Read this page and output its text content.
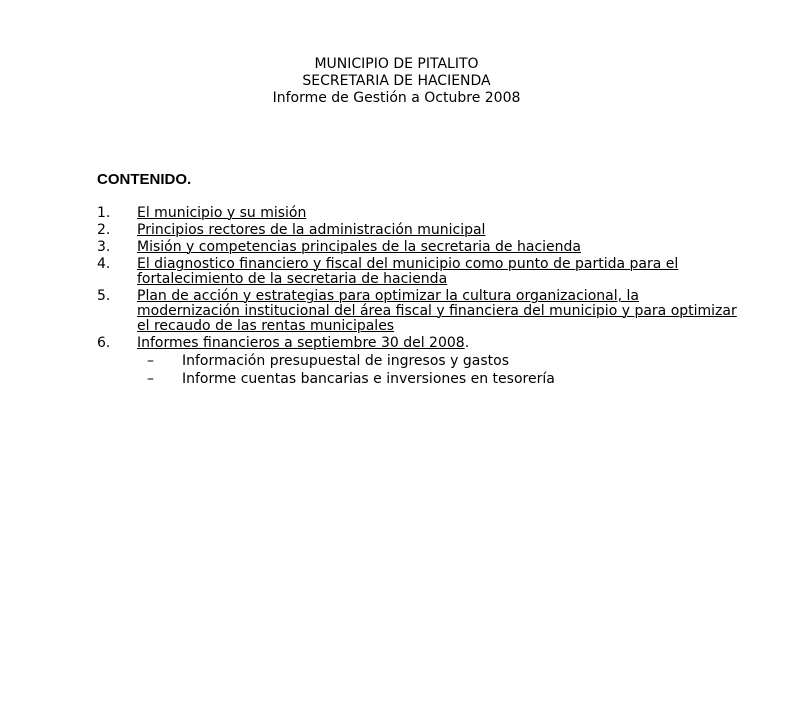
MUNICIPIO DE PITALITO
SECRETARIA DE HACIENDA
Informe de Gestión a Octubre 2008
CONTENIDO.
1. El municipio y su misión
2. Principios rectores de la administración municipal
3. Misión y competencias principales de la secretaria de hacienda
4. El diagnostico financiero y fiscal del municipio como punto de partida para el fortalecimiento de la secretaria de hacienda
5. Plan de acción y estrategias para optimizar la cultura organizacional, la modernización institucional del área fiscal y financiera del municipio y para optimizar el recaudo de las rentas municipales
6. Informes financieros a septiembre 30 del 2008.
– Información presupuestal de ingresos y gastos
– Informe cuentas bancarias e inversiones en tesorería
